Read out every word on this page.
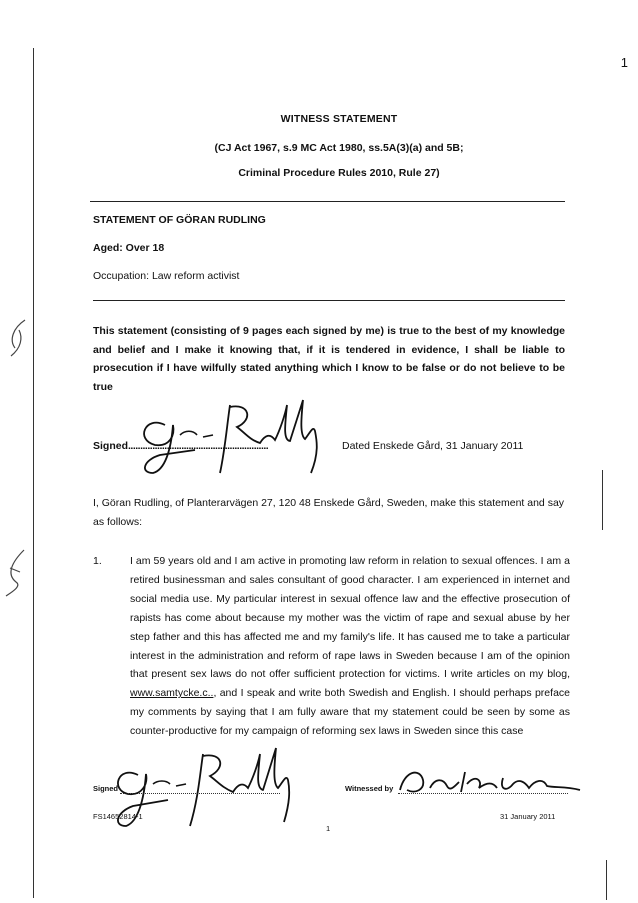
1
WITNESS STATEMENT
(CJ Act 1967, s.9 MC Act 1980, ss.5A(3)(a) and 5B;
Criminal Procedure Rules 2010, Rule 27)
STATEMENT OF GÖRAN RUDLING
Aged: Over 18
Occupation: Law reform activist
This statement (consisting of 9 pages each signed by me) is true to the best of my knowledge and belief and I make it knowing that, if it is tendered in evidence, I shall be liable to prosecution if I have wilfully stated anything which I know to be false or do not believe to be true
Signed..........................................................	Dated Enskede Gård, 31 January 2011
I, Göran Rudling, of Planterarvägen 27, 120 48 Enskede Gård, Sweden, make this statement and say as follows:
1.	I am 59 years old and I am active in promoting law reform in relation to sexual offences. I am a retired businessman and sales consultant of good character. I am experienced in internet and social media use. My particular interest in sexual offence law and the effective prosecution of rapists has come about because my mother was the victim of rape and sexual abuse by her step father and this has affected me and my family's life. It has caused me to take a particular interest in the administration and reform of rape laws in Sweden because I am of the opinion that present sex laws do not offer sufficient protection for victims. I write articles on my blog, www.samtycke.c.., and I speak and write both Swedish and English. I should perhaps preface my comments by saying that I am fully aware that my statement could be seen by some as counter-productive for my campaign of reforming sex laws in Sweden since this case
Signed	Witnessed by
FS14652814-1	31 January 2011
1
